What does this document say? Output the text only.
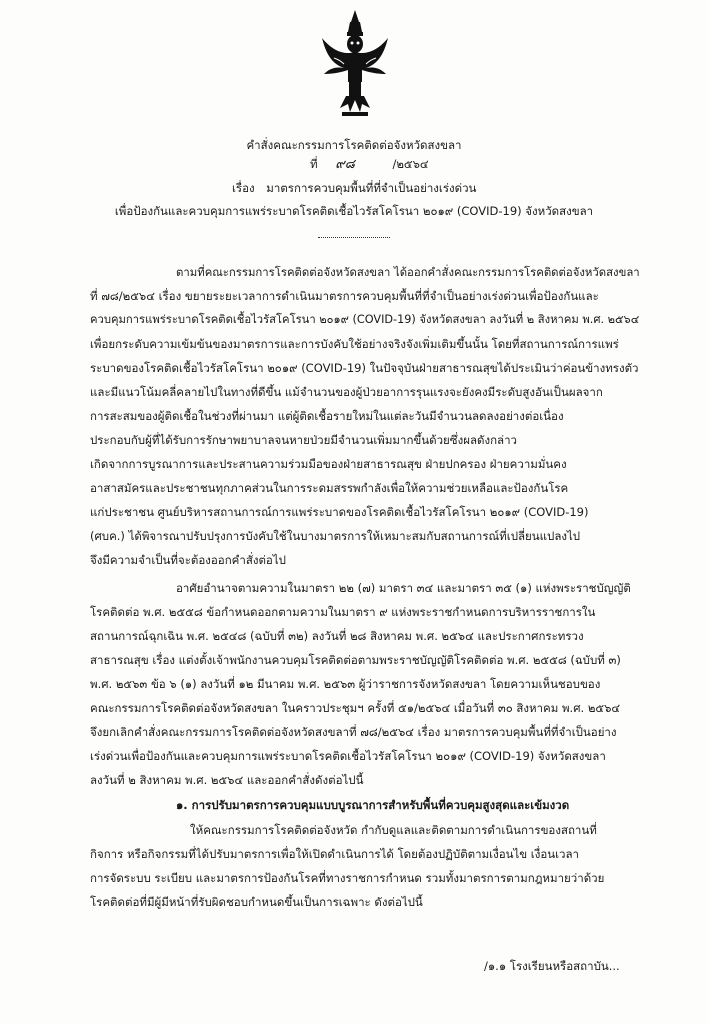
คำสั่งคณะกรรมการโรคติดต่อจังหวัดสงขลา
ที่ ๙๘	/๒๕๖๔
เรื่อง มาตรการควบคุมพื้นที่ที่จำเป็นอย่างเร่งด่วน
เพื่อป้องกันและควบคุมการแพร่ระบาดโรคติดเชื้อไวรัสโคโรนา ๒๐๑๙ (COVID-19) จังหวัดสงขลา
ตามที่คณะกรรมการโรคติดต่อจังหวัดสงขลา ได้ออกคำสั่งคณะกรรมการโรคติดต่อจังหวัดสงขลา
ที่ ๗๘/๒๕๖๔ เรื่อง ขยายระยะเวลาการดำเนินมาตรการควบคุมพื้นที่ที่จำเป็นอย่างเร่งด่วนเพื่อป้องกันและ
ควบคุมการแพร่ระบาดโรคติดเชื้อไวรัสโคโรนา ๒๐๑๙ (COVID-19) จังหวัดสงขลา ลงวันที่ ๒ สิงหาคม พ.ศ. ๒๕๖๔
เพื่อยกระดับความเข้มข้นของมาตรการและการบังคับใช้อย่างจริงจังเพิ่มเติมขึ้นนั้น โดยที่สถานการณ์การแพร่
ระบาดของโรคติดเชื้อไวรัสโคโรนา ๒๐๑๙ (COVID-19) ในปัจจุบันฝ่ายสาธารณสุขได้ประเมินว่าค่อนข้างทรงตัว
และมีแนวโน้มคลี่คลายไปในทางที่ดีขึ้น แม้จำนวนของผู้ป่วยอาการรุนแรงจะยังคงมีระดับสูงอันเป็นผลจาก
การสะสมของผู้ติดเชื้อในช่วงที่ผ่านมา แต่ผู้ติดเชื้อรายใหม่ในแต่ละวันมีจำนวนลดลงอย่างต่อเนื่อง
ประกอบกับผู้ที่ได้รับการรักษาพยาบาลจนหายป่วยมีจำนวนเพิ่มมากขึ้นด้วยซึ่งผลดังกล่าว
เกิดจากการบูรณาการและประสานความร่วมมือของฝ่ายสาธารณสุข ฝ่ายปกครอง ฝ่ายความมั่นคง
อาสาสมัครและประชาชนทุกภาคส่วนในการระดมสรรพกำลังเพื่อให้ความช่วยเหลือและป้องกันโรค
แก่ประชาชน ศูนย์บริหารสถานการณ์การแพร่ระบาดของโรคติดเชื้อไวรัสโคโรนา ๒๐๑๙ (COVID-19)
(ศบค.) ได้พิจารณาปรับปรุงการบังคับใช้ในบางมาตรการให้เหมาะสมกับสถานการณ์ที่เปลี่ยนแปลงไป
จึงมีความจำเป็นที่จะต้องออกคำสั่งต่อไป
อาศัยอำนาจตามความในมาตรา ๒๒ (๗) มาตรา ๓๔ และมาตรา ๓๕ (๑) แห่งพระราชบัญญัติ
โรคติดต่อ พ.ศ. ๒๕๕๘ ข้อกำหนดออกตามความในมาตรา ๙ แห่งพระราชกำหนดการบริหารราชการใน
สถานการณ์ฉุกเฉิน พ.ศ. ๒๕๔๘ (ฉบับที่ ๓๒) ลงวันที่ ๒๘ สิงหาคม พ.ศ. ๒๕๖๔ และประกาศกระทรวง
สาธารณสุข เรื่อง แต่งตั้งเจ้าพนักงานควบคุมโรคติดต่อตามพระราชบัญญัติโรคติดต่อ พ.ศ. ๒๕๕๘ (ฉบับที่ ๓)
พ.ศ. ๒๕๖๓ ข้อ ๖ (๑) ลงวันที่ ๑๒ มีนาคม พ.ศ. ๒๕๖๓ ผู้ว่าราชการจังหวัดสงขลา โดยความเห็นชอบของ
คณะกรรมการโรคติดต่อจังหวัดสงขลา ในคราวประชุมฯ ครั้งที่ ๕๑/๒๕๖๔ เมื่อวันที่ ๓๐ สิงหาคม พ.ศ. ๒๕๖๔
จึงยกเลิกคำสั่งคณะกรรมการโรคติดต่อจังหวัดสงขลาที่ ๗๘/๒๕๖๔ เรื่อง มาตรการควบคุมพื้นที่ที่จำเป็นอย่าง
เร่งด่วนเพื่อป้องกันและควบคุมการแพร่ระบาดโรคติดเชื้อไวรัสโคโรนา ๒๐๑๙ (COVID-19) จังหวัดสงขลา
ลงวันที่ ๒ สิงหาคม พ.ศ. ๒๕๖๔ และออกคำสั่งดังต่อไปนี้
๑. การปรับมาตรการควบคุมแบบบูรณาการสำหรับพื้นที่ควบคุมสูงสุดและเข้มงวด
ให้คณะกรรมการโรคติดต่อจังหวัด กำกับดูแลและติดตามการดำเนินการของสถานที่
กิจการ หรือกิจกรรมที่ได้ปรับมาตรการเพื่อให้เปิดดำเนินการได้ โดยต้องปฏิบัติตามเงื่อนไข เงื่อนเวลา
การจัดระบบ ระเบียบ และมาตรการป้องกันโรคที่ทางราชการกำหนด รวมทั้งมาตรการตามกฎหมายว่าด้วย
โรคติดต่อที่มีผู้มีหน้าที่รับผิดชอบกำหนดขึ้นเป็นการเฉพาะ ดังต่อไปนี้
/๑.๑ โรงเรียนหรือสถาบัน...
